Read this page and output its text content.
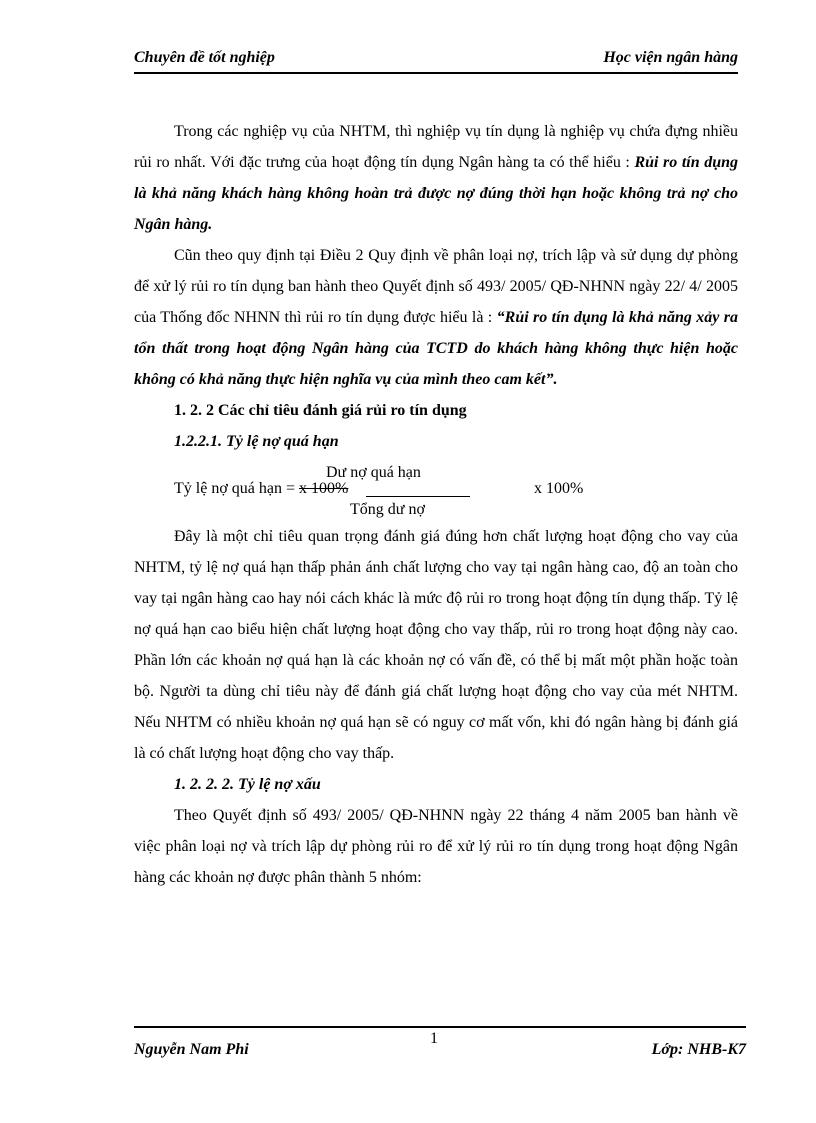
Chuyên đề tốt nghiệp	Học viện ngân hàng

Trong các nghiệp vụ của NHTM, thì nghiệp vụ tín dụng là nghiệp vụ chứa đựng nhiều rủi ro nhất. Với đặc trưng của hoạt động tín dụng Ngân hàng ta có thể hiểu : Rủi ro tín dụng là khả năng khách hàng không hoàn trả được nợ đúng thời hạn hoặc không trả nợ cho Ngân hàng.

Cũn theo quy định tại Điều 2 Quy định về phân loại nợ, trích lập và sử dụng dự phòng để xử lý rủi ro tín dụng ban hành theo Quyết định số 493/ 2005/ QĐ-NHNN ngày 22/ 4/ 2005 của Thống đốc NHNN thì rủi ro tín dụng được hiểu là : “Rủi ro tín dụng là khả năng xảy ra tổn thất trong hoạt động Ngân hàng của TCTD do khách hàng không thực hiện hoặc không có khả năng thực hiện nghĩa vụ của mình theo cam kết”.

1. 2. 2 Các chỉ tiêu đánh giá rủi ro tín dụng

1.2.2.1. Tỷ lệ nợ quá hạn

Tỷ lệ nợ quá hạn = x 100%
Dư nợ quá hạn
Tổng dư nợ
x 100%

Đây là một chỉ tiêu quan trọng đánh giá đúng hơn chất lượng hoạt động cho vay của NHTM, tỷ lệ nợ quá hạn thấp phản ánh chất lượng cho vay tại ngân hàng cao, độ an toàn cho vay tại ngân hàng cao hay nói cách khác là mức độ rủi ro trong hoạt động tín dụng thấp. Tỷ lệ nợ quá hạn cao biểu hiện chất lượng hoạt động cho vay thấp, rủi ro trong hoạt động này cao. Phần lớn các khoản nợ quá hạn là các khoản nợ có vấn đề, có thể bị mất một phần hoặc toàn bộ. Người ta dùng chỉ tiêu này để đánh giá chất lượng hoạt động cho vay của mét NHTM. Nếu NHTM có nhiều khoản nợ quá hạn sẽ có nguy cơ mất vốn, khi đó ngân hàng bị đánh giá là có chất lượng hoạt động cho vay thấp.

1. 2. 2. 2. Tỷ lệ nợ xấu

Theo Quyết định số 493/ 2005/ QĐ-NHNN ngày 22 tháng 4 năm 2005 ban hành về việc phân loại nợ và trích lập dự phòng rủi ro để xử lý rủi ro tín dụng trong hoạt động Ngân hàng các khoản nợ được phân thành 5 nhóm:

Nguyễn Nam Phi
1
Lớp: NHB-K7
